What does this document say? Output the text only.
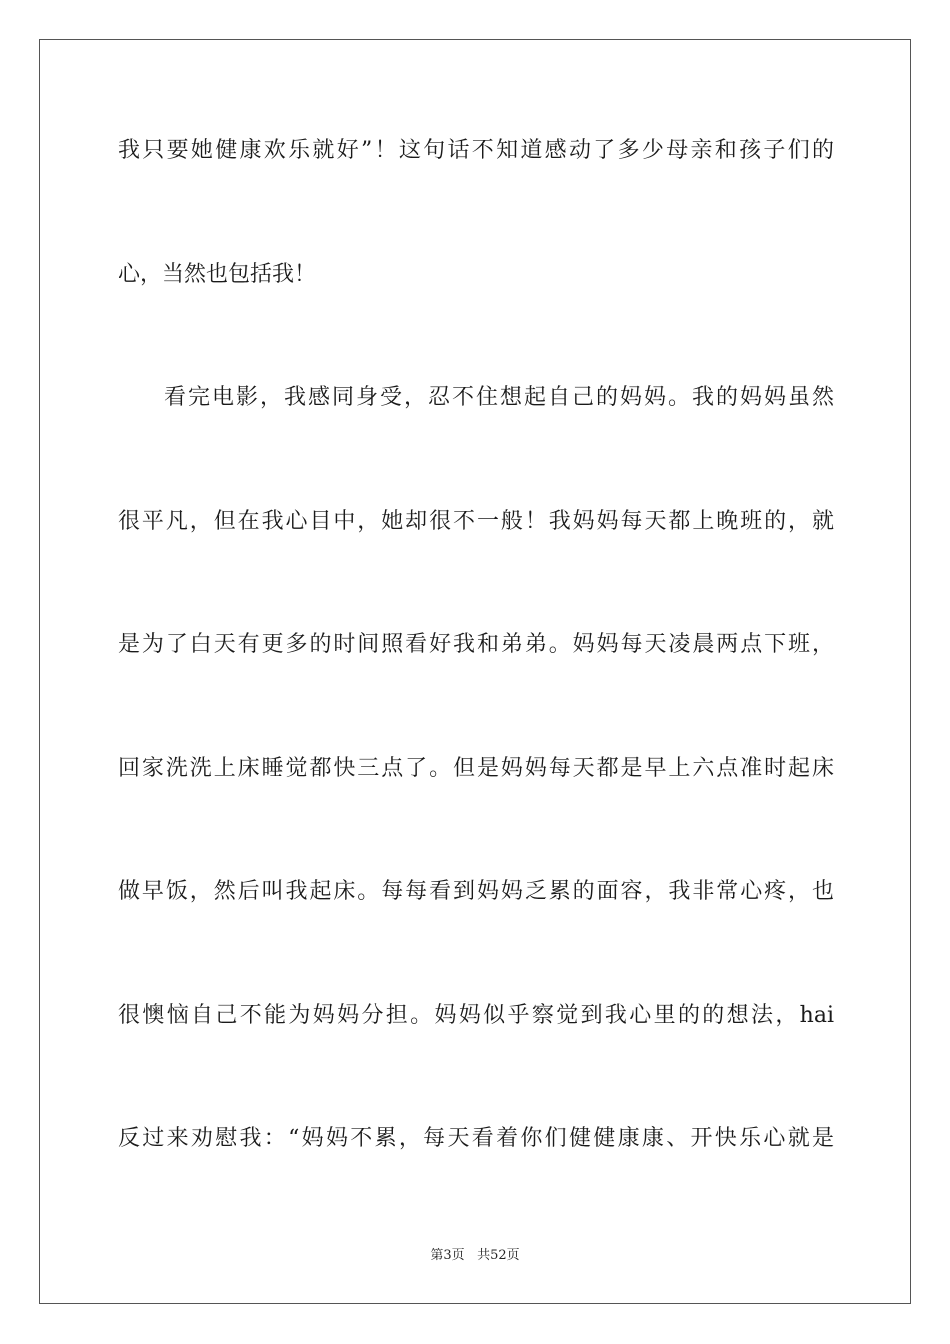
我只要她健康欢乐就好”！这句话不知道感动了多少母亲和孩子们的
心，当然也包括我！
看完电影，我感同身受，忍不住想起自己的妈妈。我的妈妈虽然
很平凡，但在我心目中，她却很不一般！我妈妈每天都上晚班的，就
是为了白天有更多的时间照看好我和弟弟。妈妈每天凌晨两点下班，
回家洗洗上床睡觉都快三点了。但是妈妈每天都是早上六点准时起床
做早饭，然后叫我起床。每每看到妈妈乏累的面容，我非常心疼，也
很懊恼自己不能为妈妈分担。妈妈似乎察觉到我心里的的想法，hai
反过来劝慰我：“妈妈不累，每天看着你们健健康康、开快乐心就是
第3页 共52页
